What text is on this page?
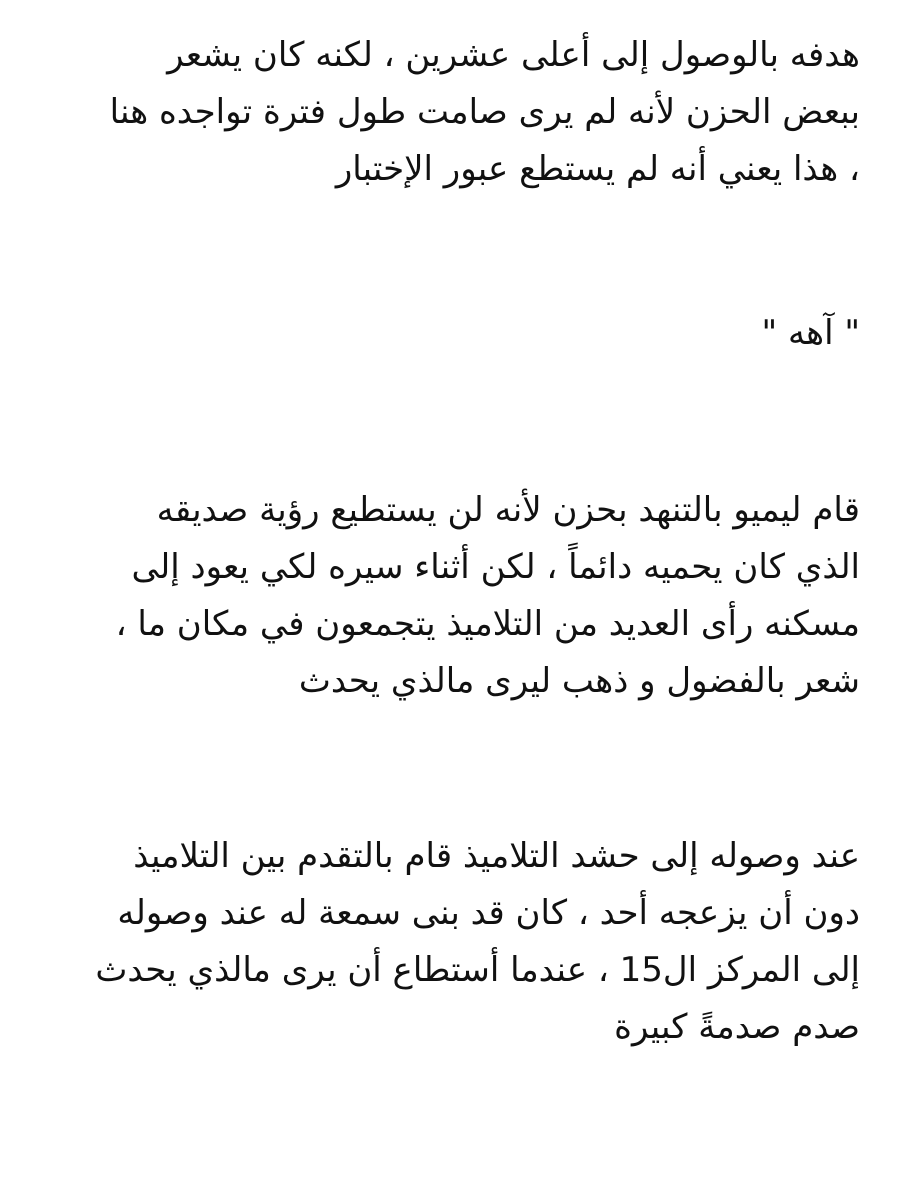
هدفه بالوصول إلى أعلى عشرين ، لكنه كان يشعر
ببعض الحزن لأنه لم يرى صامت طول فترة تواجده هنا
، هذا يعني أنه لم يستطع عبور الإختبار

" آهه "

قام ليميو بالتنهد بحزن لأنه لن يستطيع رؤية صديقه
الذي كان يحميه دائماً ، لكن أثناء سيره لكي يعود إلى
مسكنه رأى العديد من التلاميذ يتجمعون في مكان ما ،
شعر بالفضول و ذهب ليرى مالذي يحدث

عند وصوله إلى حشد التلاميذ قام بالتقدم بين التلاميذ
دون أن يزعجه أحد ، كان قد بنى سمعة له عند وصوله
إلى المركز ال15 ، عندما أستطاع أن يرى مالذي يحدث
صدم صدمةً كبيرة
